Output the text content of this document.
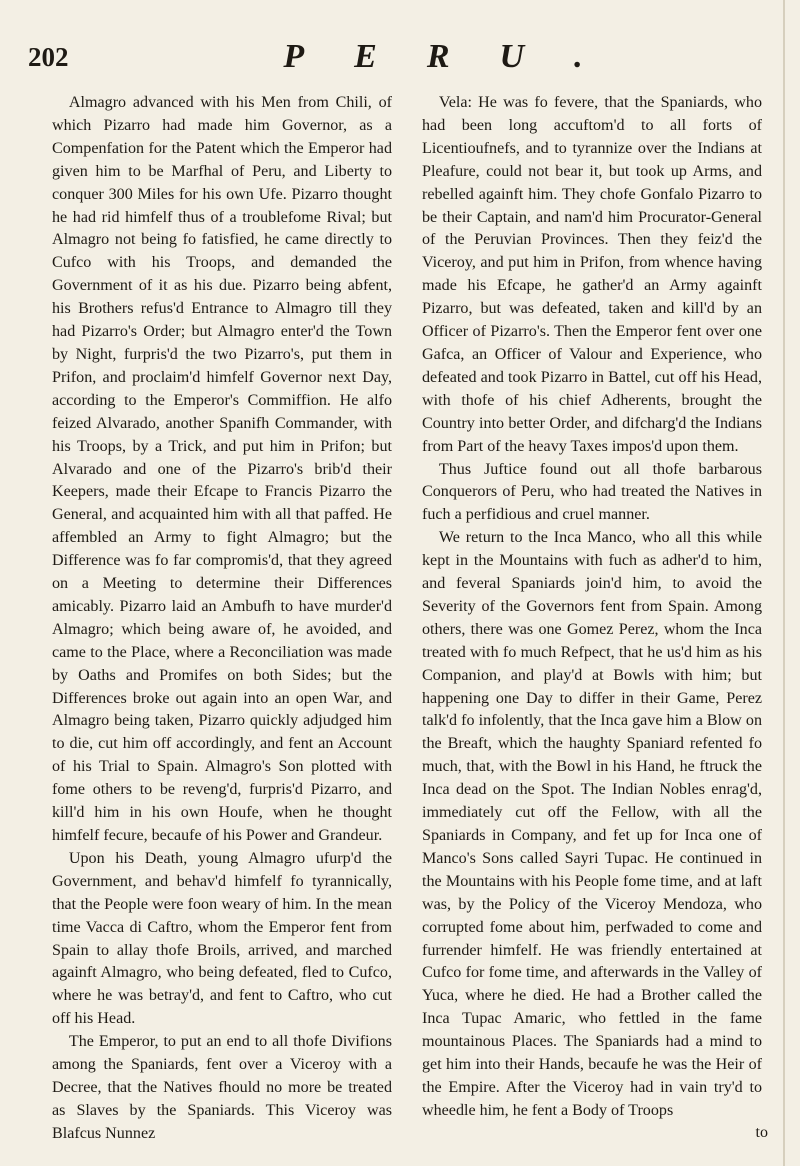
202	PERU.

Almagro advanced with his Men from Chili, of which Pizarro had made him Governor, as a Compenfation for the Patent which the Emperor had given him to be Marfhal of Peru, and Liberty to conquer 300 Miles for his own Ufe. Pizarro thought he had rid himfelf thus of a troublefome Rival; but Almagro not being fo fatisfied, he came directly to Cufco with his Troops, and demanded the Government of it as his due. Pizarro being abfent, his Brothers refus'd Entrance to Almagro till they had Pizarro's Order; but Almagro enter'd the Town by Night, furpris'd the two Pizarro's, put them in Prifon, and proclaim'd himfelf Governor next Day, according to the Emperor's Commiffion. He alfo feized Alvarado, another Spanifh Commander, with his Troops, by a Trick, and put him in Prifon; but Alvarado and one of the Pizarro's brib'd their Keepers, made their Efcape to Francis Pizarro the General, and acquainted him with all that paffed. He affembled an Army to fight Almagro; but the Difference was fo far compromis'd, that they agreed on a Meeting to determine their Differences amicably. Pizarro laid an Ambufh to have murder'd Almagro; which being aware of, he avoided, and came to the Place, where a Reconciliation was made by Oaths and Promifes on both Sides; but the Differences broke out again into an open War, and Almagro being taken, Pizarro quickly adjudged him to die, cut him off accordingly, and fent an Account of his Trial to Spain. Almagro's Son plotted with fome others to be reveng'd, furpris'd Pizarro, and kill'd him in his own Houfe, when he thought himfelf fecure, becaufe of his Power and Grandeur.

Upon his Death, young Almagro ufurp'd the Government, and behav'd himfelf fo tyrannically, that the People were foon weary of him. In the mean time Vacca di Caftro, whom the Emperor fent from Spain to allay thofe Broils, arrived, and marched againft Almagro, who being defeated, fled to Cufco, where he was betray'd, and fent to Caftro, who cut off his Head.

The Emperor, to put an end to all thofe Divifions among the Spaniards, fent over a Viceroy with a Decree, that the Natives fhould no more be treated as Slaves by the Spaniards. This Viceroy was Blafcus Nunnez

Vela: He was fo fevere, that the Spaniards, who had been long accuftom'd to all forts of Licentioufnefs, and to tyrannize over the Indians at Pleafure, could not bear it, but took up Arms, and rebelled againft him. They chofe Gonfalo Pizarro to be their Captain, and nam'd him Procurator-General of the Peruvian Provinces. Then they feiz'd the Viceroy, and put him in Prifon, from whence having made his Efcape, he gather'd an Army againft Pizarro, but was defeated, taken and kill'd by an Officer of Pizarro's. Then the Emperor fent over one Gafca, an Officer of Valour and Experience, who defeated and took Pizarro in Battel, cut off his Head, with thofe of his chief Adherents, brought the Country into better Order, and difcharg'd the Indians from Part of the heavy Taxes impos'd upon them.

Thus Juftice found out all thofe barbarous Conquerors of Peru, who had treated the Natives in fuch a perfidious and cruel manner.

We return to the Inca Manco, who all this while kept in the Mountains with fuch as adher'd to him, and feveral Spaniards join'd him, to avoid the Severity of the Governors fent from Spain. Among others, there was one Gomez Perez, whom the Inca treated with fo much Refpect, that he us'd him as his Companion, and play'd at Bowls with him; but happening one Day to differ in their Game, Perez talk'd fo infolently, that the Inca gave him a Blow on the Breaft, which the haughty Spaniard refented fo much, that, with the Bowl in his Hand, he ftruck the Inca dead on the Spot. The Indian Nobles enrag'd, immediately cut off the Fellow, with all the Spaniards in Company, and fet up for Inca one of Manco's Sons called Sayri Tupac. He continued in the Mountains with his People fome time, and at laft was, by the Policy of the Viceroy Mendoza, who corrupted fome about him, perfwaded to come and furrender himfelf. He was friendly entertained at Cufco for fome time, and afterwards in the Valley of Yuca, where he died. He had a Brother called the Inca Tupac Amaric, who fettled in the fame mountainous Places. The Spaniards had a mind to get him into their Hands, becaufe he was the Heir of the Empire. After the Viceroy had in vain try'd to wheedle him, he fent a Body of Troops

to
